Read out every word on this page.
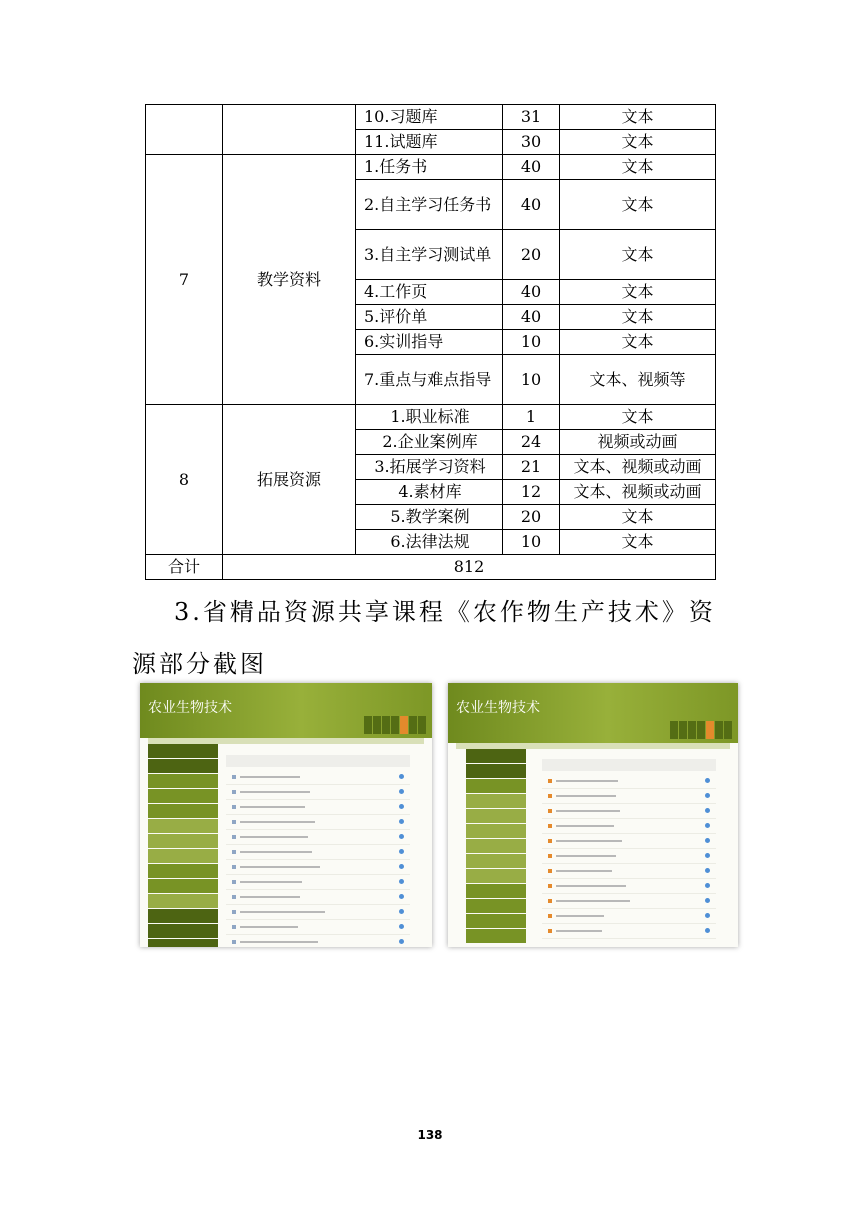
		10.习题库	31	文本
		11.试题库	30	文本
7	教学资料	1.任务书	40	文本
		2.自主学习任务书	40	文本
		3.自主学习测试单	20	文本
		4.工作页	40	文本
		5.评价单	40	文本
		6.实训指导	10	文本
		7.重点与难点指导	10	文本、视频等
8	拓展资源	1.职业标准	1	文本
		2.企业案例库	24	视频或动画
		3.拓展学习资料	21	文本、视频或动画
		4.素材库	12	文本、视频或动画
		5.教学案例	20	文本
		6.法律法规	10	文本
合计	812			

3.省精品资源共享课程《农作物生产技术》资源部分截图

农业生物技术	农业生物技术
138
